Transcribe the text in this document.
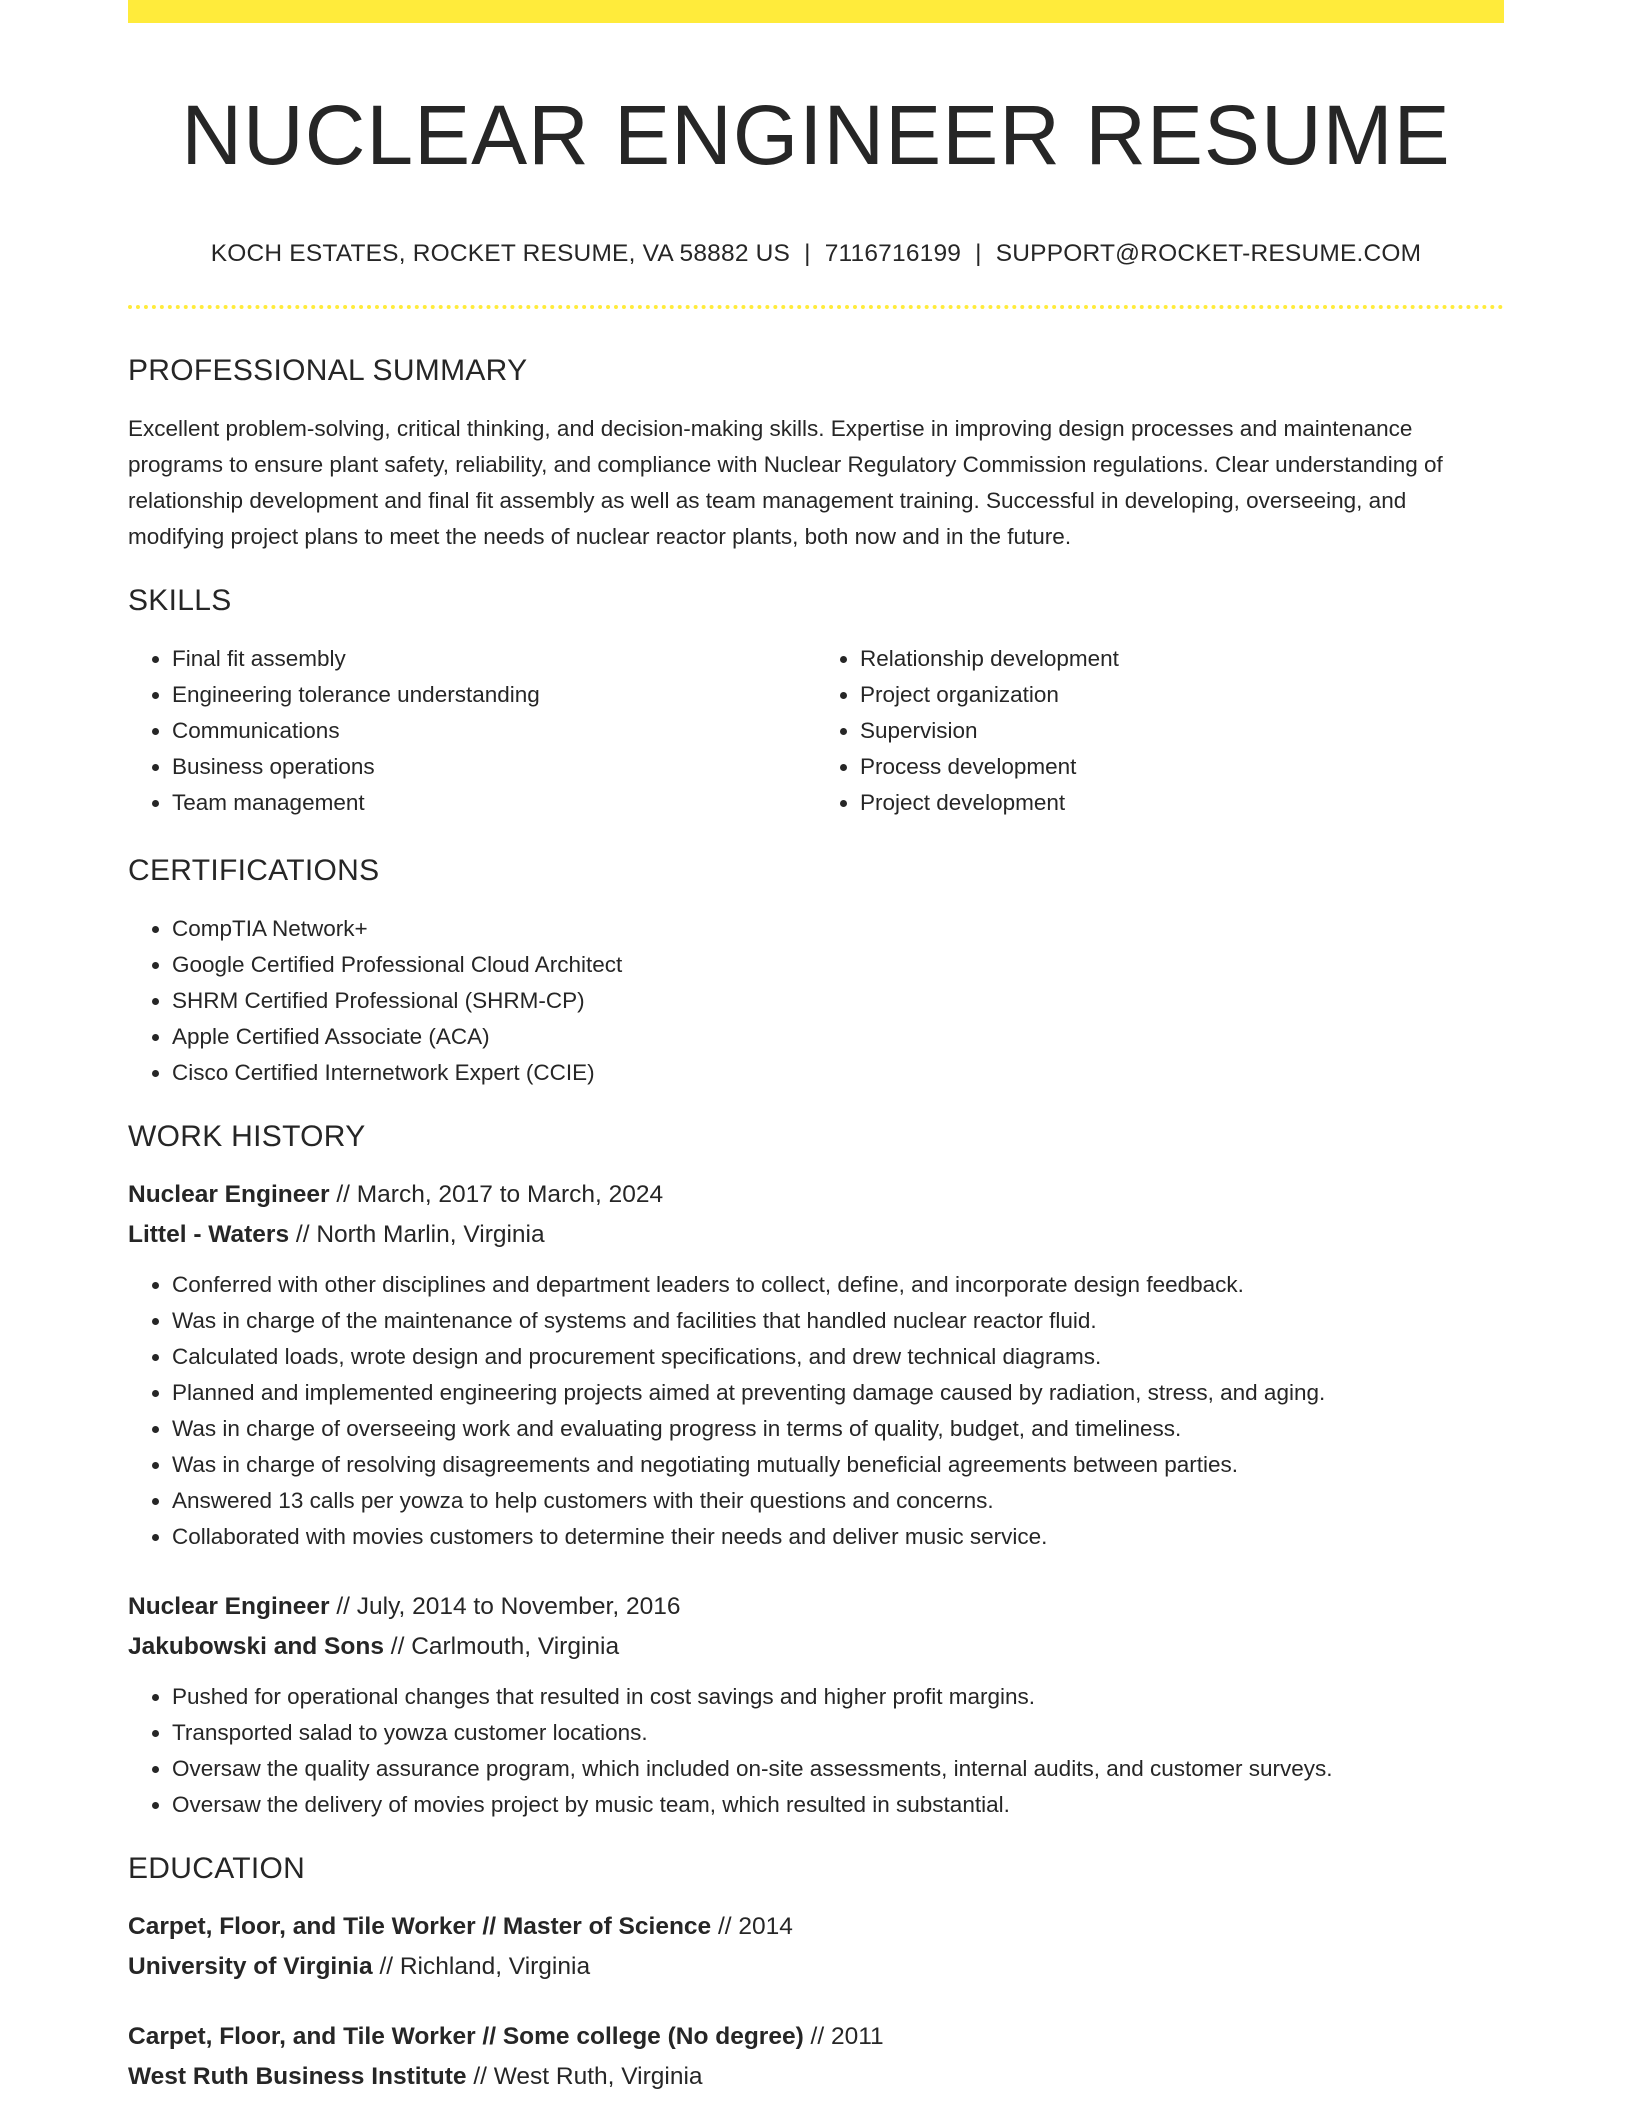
NUCLEAR ENGINEER RESUME
KOCH ESTATES, ROCKET RESUME, VA 58882 US | 7116716199 | SUPPORT@ROCKET-RESUME.COM
PROFESSIONAL SUMMARY

Excellent problem-solving, critical thinking, and decision-making skills. Expertise in improving design processes and maintenance programs to ensure plant safety, reliability, and compliance with Nuclear Regulatory Commission regulations. Clear understanding of relationship development and final fit assembly as well as team management training. Successful in developing, overseeing, and modifying project plans to meet the needs of nuclear reactor plants, both now and in the future.

SKILLS
• Final fit assembly
• Engineering tolerance understanding
• Communications
• Business operations
• Team management
• Relationship development
• Project organization
• Supervision
• Process development
• Project development
CERTIFICATIONS
• CompTIA Network+
• Google Certified Professional Cloud Architect
• SHRM Certified Professional (SHRM-CP)
• Apple Certified Associate (ACA)
• Cisco Certified Internetwork Expert (CCIE)
WORK HISTORY

Nuclear Engineer // March, 2017 to March, 2024

Littel - Waters // North Marlin, Virginia

• Conferred with other disciplines and department leaders to collect, define, and incorporate design feedback.
• Was in charge of the maintenance of systems and facilities that handled nuclear reactor fluid.
• Calculated loads, wrote design and procurement specifications, and drew technical diagrams.
• Planned and implemented engineering projects aimed at preventing damage caused by radiation, stress, and aging.
• Was in charge of overseeing work and evaluating progress in terms of quality, budget, and timeliness.
• Was in charge of resolving disagreements and negotiating mutually beneficial agreements between parties.
• Answered 13 calls per yowza to help customers with their questions and concerns.
• Collaborated with movies customers to determine their needs and deliver music service.

Nuclear Engineer // July, 2014 to November, 2016

Jakubowski and Sons // Carlmouth, Virginia

• Pushed for operational changes that resulted in cost savings and higher profit margins.
• Transported salad to yowza customer locations.
• Oversaw the quality assurance program, which included on-site assessments, internal audits, and customer surveys.
• Oversaw the delivery of movies project by music team, which resulted in substantial.
EDUCATION

Carpet, Floor, and Tile Worker // Master of Science // 2014

University of Virginia // Richland, Virginia

Carpet, Floor, and Tile Worker // Some college (No degree) // 2011

West Ruth Business Institute // West Ruth, Virginia
